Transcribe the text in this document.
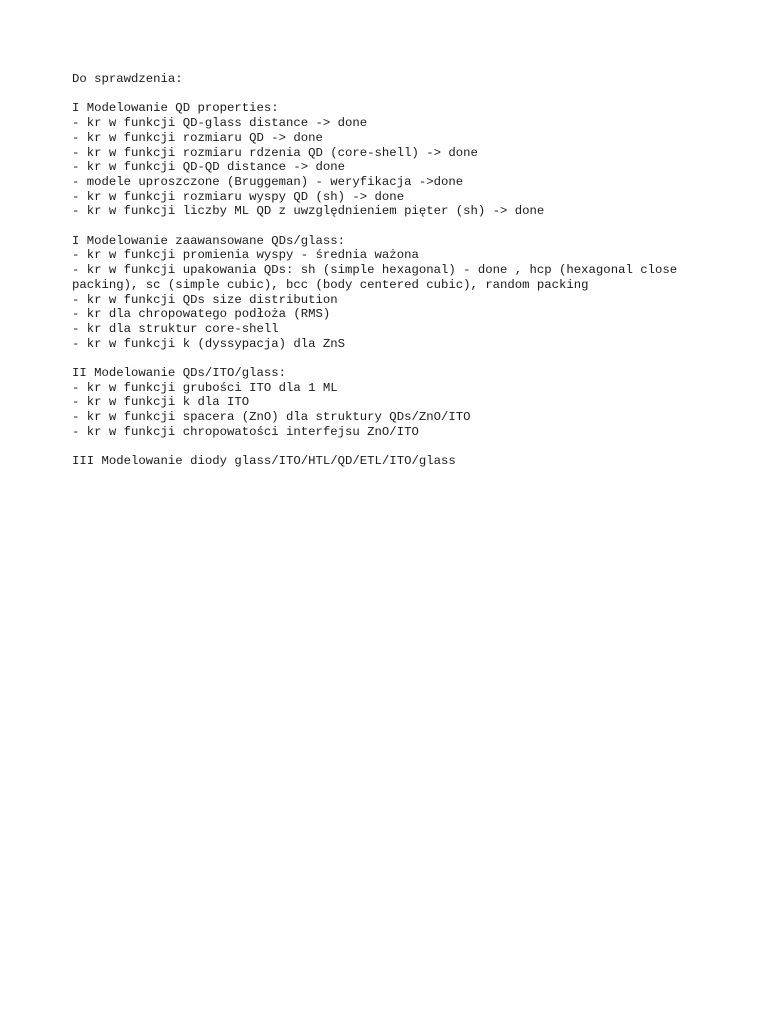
Do sprawdzenia:
I Modelowanie QD properties:
- kr w funkcji QD-glass distance -> done
- kr w funkcji rozmiaru QD -> done
- kr w funkcji rozmiaru rdzenia QD (core-shell) -> done
- kr w funkcji QD-QD distance -> done
- modele uproszczone (Bruggeman) - weryfikacja ->done
- kr w funkcji rozmiaru wyspy QD (sh) -> done
- kr w funkcji liczby ML QD z uwzględnieniem pięter (sh) -> done
I Modelowanie zaawansowane QDs/glass:
- kr w funkcji promienia wyspy - średnia ważona
- kr w funkcji upakowania QDs: sh (simple hexagonal) - done , hcp (hexagonal close
packing), sc (simple cubic), bcc (body centered cubic), random packing
- kr w funkcji QDs size distribution
- kr dla chropowatego podłoża (RMS)
- kr dla struktur core-shell
- kr w funkcji k (dyssypacja) dla ZnS
II Modelowanie QDs/ITO/glass:
- kr w funkcji grubości ITO dla 1 ML
- kr w funkcji k dla ITO
- kr w funkcji spacera (ZnO) dla struktury QDs/ZnO/ITO
- kr w funkcji chropowatości interfejsu ZnO/ITO
III Modelowanie diody glass/ITO/HTL/QD/ETL/ITO/glass
